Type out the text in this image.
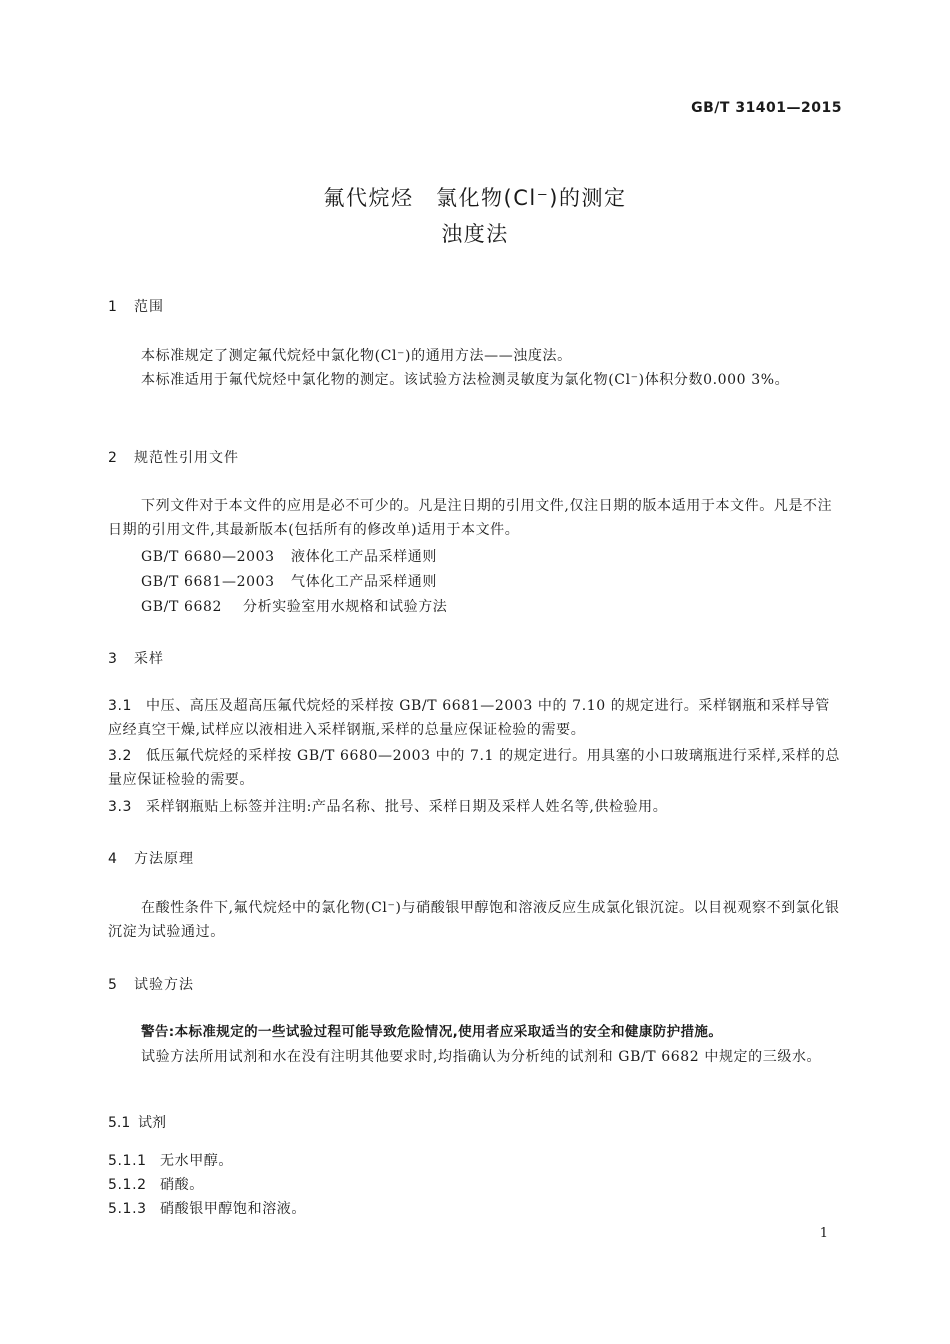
GB/T 31401—2015
氟代烷烃　氯化物(Cl⁻)的测定
浊度法
1 范围
本标准规定了测定氟代烷烃中氯化物(Cl⁻)的通用方法——浊度法。
本标准适用于氟代烷烃中氯化物的测定。该试验方法检测灵敏度为氯化物(Cl⁻)体积分数0.000 3%。
2 规范性引用文件
下列文件对于本文件的应用是必不可少的。凡是注日期的引用文件,仅注日期的版本适用于本文件。凡是不注日期的引用文件,其最新版本(包括所有的修改单)适用于本文件。
GB/T 6680—2003 液体化工产品采样通则
GB/T 6681—2003 气体化工产品采样通则
GB/T 6682 分析实验室用水规格和试验方法
3 采样
3.1 中压、高压及超高压氟代烷烃的采样按 GB/T 6681—2003 中的 7.10 的规定进行。采样钢瓶和采样导管应经真空干燥,试样应以液相进入采样钢瓶,采样的总量应保证检验的需要。
3.2 低压氟代烷烃的采样按 GB/T 6680—2003 中的 7.1 的规定进行。用具塞的小口玻璃瓶进行采样,采样的总量应保证检验的需要。
3.3 采样钢瓶贴上标签并注明:产品名称、批号、采样日期及采样人姓名等,供检验用。
4 方法原理
在酸性条件下,氟代烷烃中的氯化物(Cl⁻)与硝酸银甲醇饱和溶液反应生成氯化银沉淀。以目视观察不到氯化银沉淀为试验通过。
5 试验方法
警告:本标准规定的一些试验过程可能导致危险情况,使用者应采取适当的安全和健康防护措施。
试验方法所用试剂和水在没有注明其他要求时,均指确认为分析纯的试剂和 GB/T 6682 中规定的三级水。
5.1 试剂
5.1.1 无水甲醇。
5.1.2 硝酸。
5.1.3 硝酸银甲醇饱和溶液。
1
